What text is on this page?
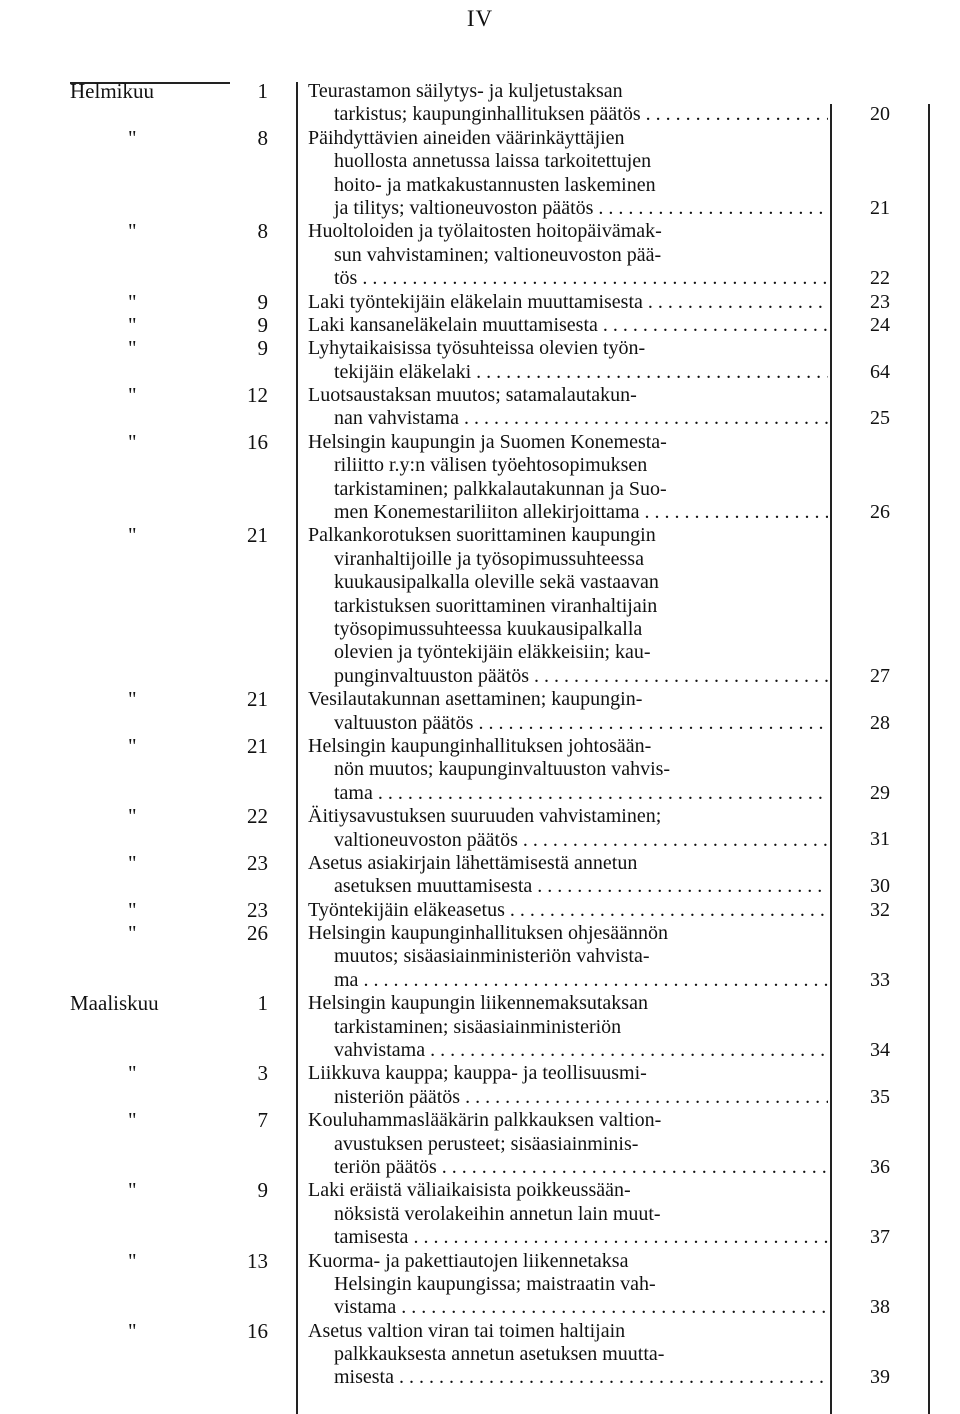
IV
Helmikuu	1 Teurastamon säilytys- ja kuljetustaksan
tarkistus; kaupunginhallituksen päätös . . .	20
"	8 Päihdyttävien aineiden väärinkäyttäjien
huollosta annetussa laissa tarkoitettujen
hoito- ja matkakustannusten laskeminen
ja tilitys; valtioneuvoston päätös . . .	21
"	8 Huoltoloiden ja työlaitosten hoitopäivämak-
sun vahvistaminen; valtioneuvoston pää-
tös . . .	22
"	9 Laki työntekijäin eläkelain muuttamisesta . . .	23
"	9 Laki kansaneläkelain muuttamisesta . . .	24
"	9 Lyhytaikaisissa työsuhteissa olevien työn-
tekijäin eläkelaki . . .	64
"	12 Luotsaustaksan muutos; satamalautakun-
nan vahvistama . . .	25
"	16 Helsingin kaupungin ja Suomen Konemesta-
riliitto r.y:n välisen työehtosopimuksen
tarkistaminen; palkkalautakunnan ja Suo-
men Konemestariliiton allekirjoittama . . .	26
"	21 Palkankorotuksen suorittaminen kaupungin
viranhaltijoille ja työsopimussuhteessa
kuukausipalkalla oleville sekä vastaavan
tarkistuksen suorittaminen viranhaltijain
työsopimussuhteessa kuukausipalkalla
olevien ja työntekijäin eläkkeisiin; kau-
punginvaltuuston päätös . . .	27
"	21 Vesilautakunnan asettaminen; kaupungin-
valtuuston päätös . . .	28
"	21 Helsingin kaupunginhallituksen johtosään-
nön muutos; kaupunginvaltuuston vahvis-
tama . . .	29
"	22 Äitiysavustuksen suuruuden vahvistaminen;
valtioneuvoston päätös . . .	31
"	23 Asetus asiakirjain lähettämisestä annetun
asetuksen muuttamisesta . . .	30
"	23 Työntekijäin eläkeasetus . . .	32
"	26 Helsingin kaupunginhallituksen ohjesäännön
muutos; sisäasiainministeriön vahvista-
ma . . .	33
Maaliskuu	1 Helsingin kaupungin liikennemaksutaksan
tarkistaminen; sisäasiainministeriön
vahvistama . . .	34
"	3 Liikkuva kauppa; kauppa- ja teollisuusmi-
nisteriön päätös . . .	35
"	7 Kouluhammaslääkärin palkkauksen valtion-
avustuksen perusteet; sisäasiainminis-
teriön päätös . . .	36
"	9 Laki eräistä väliaikaisista poikkeussään-
nöksistä verolakeihin annetun lain muut-
tamisesta . . .	37
"	13 Kuorma- ja pakettiautojen liikennetaksa
Helsingin kaupungissa; maistraatin vah-
vistama . . .	38
"	16 Asetus valtion viran tai toimen haltijain
palkkauksesta annetun asetuksen muutta-
misesta . . .	39
